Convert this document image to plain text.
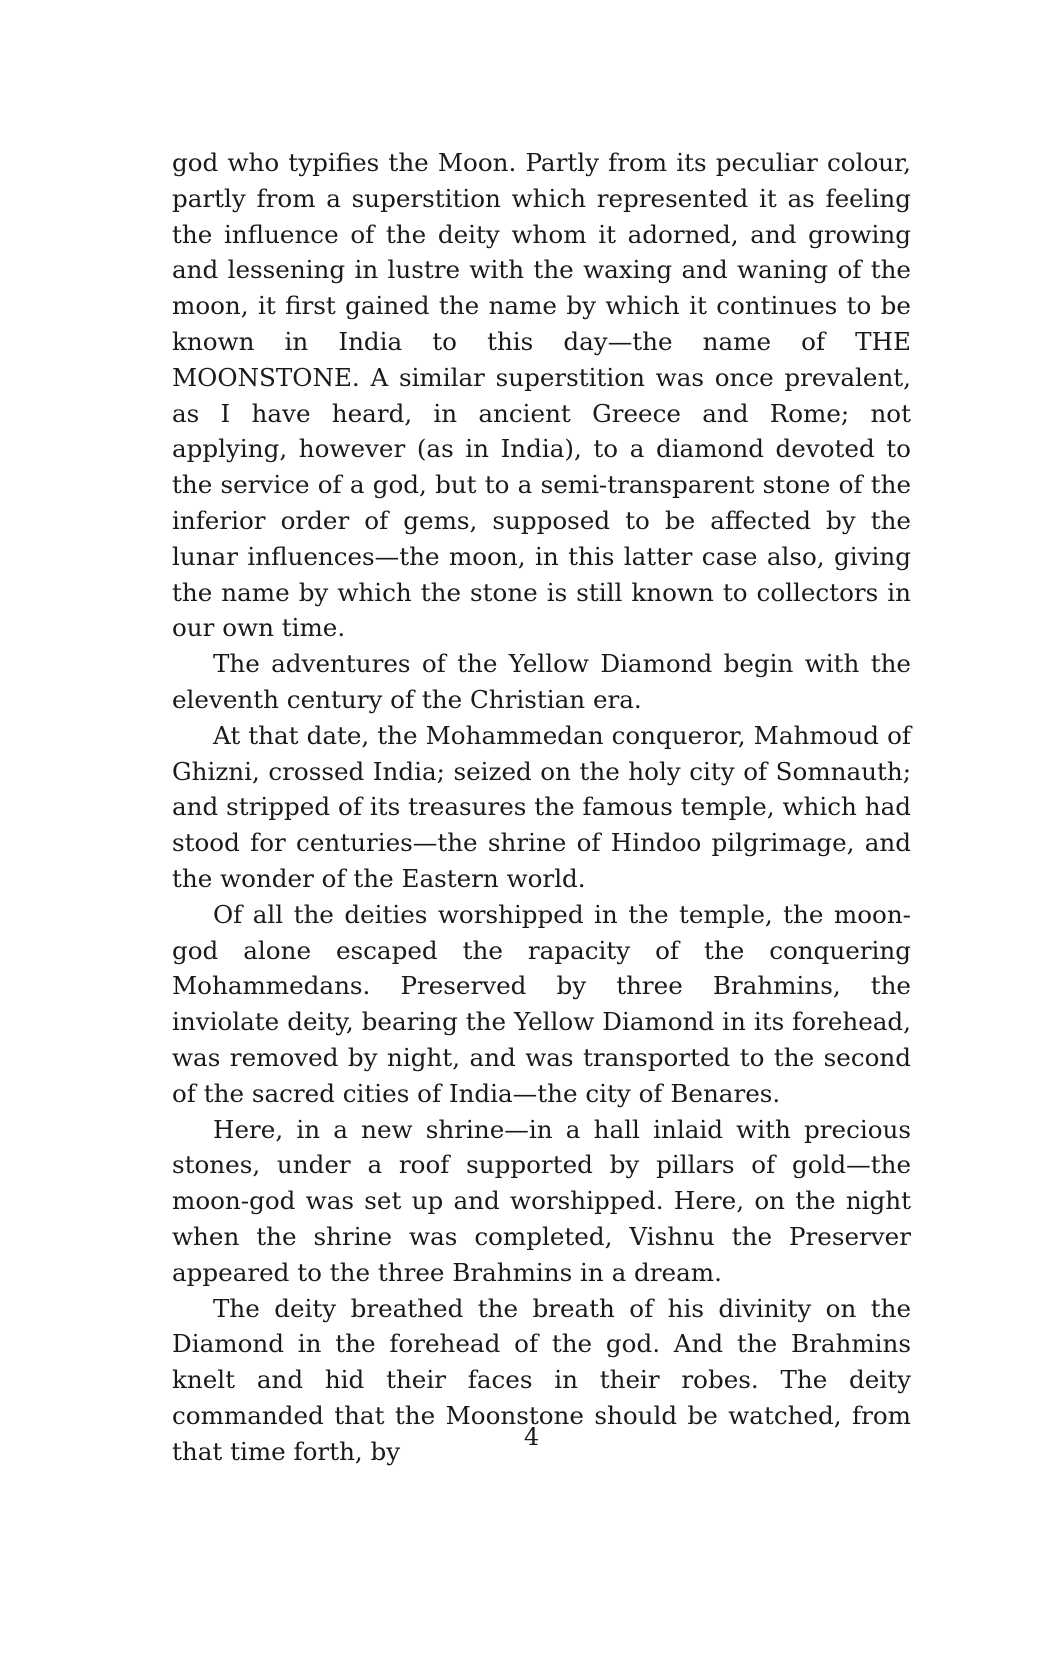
god who typifies the Moon. Partly from its peculiar colour, partly from a superstition which represented it as feeling the influence of the deity whom it adorned, and growing and lessening in lustre with the waxing and waning of the moon, it first gained the name by which it continues to be known in India to this day—the name of THE MOONSTONE. A similar superstition was once prevalent, as I have heard, in ancient Greece and Rome; not applying, however (as in India), to a diamond devoted to the service of a god, but to a semi-transparent stone of the inferior order of gems, supposed to be affected by the lunar influences—the moon, in this latter case also, giving the name by which the stone is still known to collectors in our own time.

The adventures of the Yellow Diamond begin with the eleventh century of the Christian era.

At that date, the Mohammedan conqueror, Mahmoud of Ghizni, crossed India; seized on the holy city of Somnauth; and stripped of its treasures the famous temple, which had stood for centuries—the shrine of Hindoo pilgrimage, and the wonder of the Eastern world.

Of all the deities worshipped in the temple, the moon-god alone escaped the rapacity of the conquering Mohammedans. Preserved by three Brahmins, the inviolate deity, bearing the Yellow Diamond in its forehead, was removed by night, and was transported to the second of the sacred cities of India—the city of Benares.

Here, in a new shrine—in a hall inlaid with precious stones, under a roof supported by pillars of gold—the moon-god was set up and worshipped. Here, on the night when the shrine was completed, Vishnu the Preserver appeared to the three Brahmins in a dream.

The deity breathed the breath of his divinity on the Diamond in the forehead of the god. And the Brahmins knelt and hid their faces in their robes. The deity commanded that the Moonstone should be watched, from that time forth, by	4
